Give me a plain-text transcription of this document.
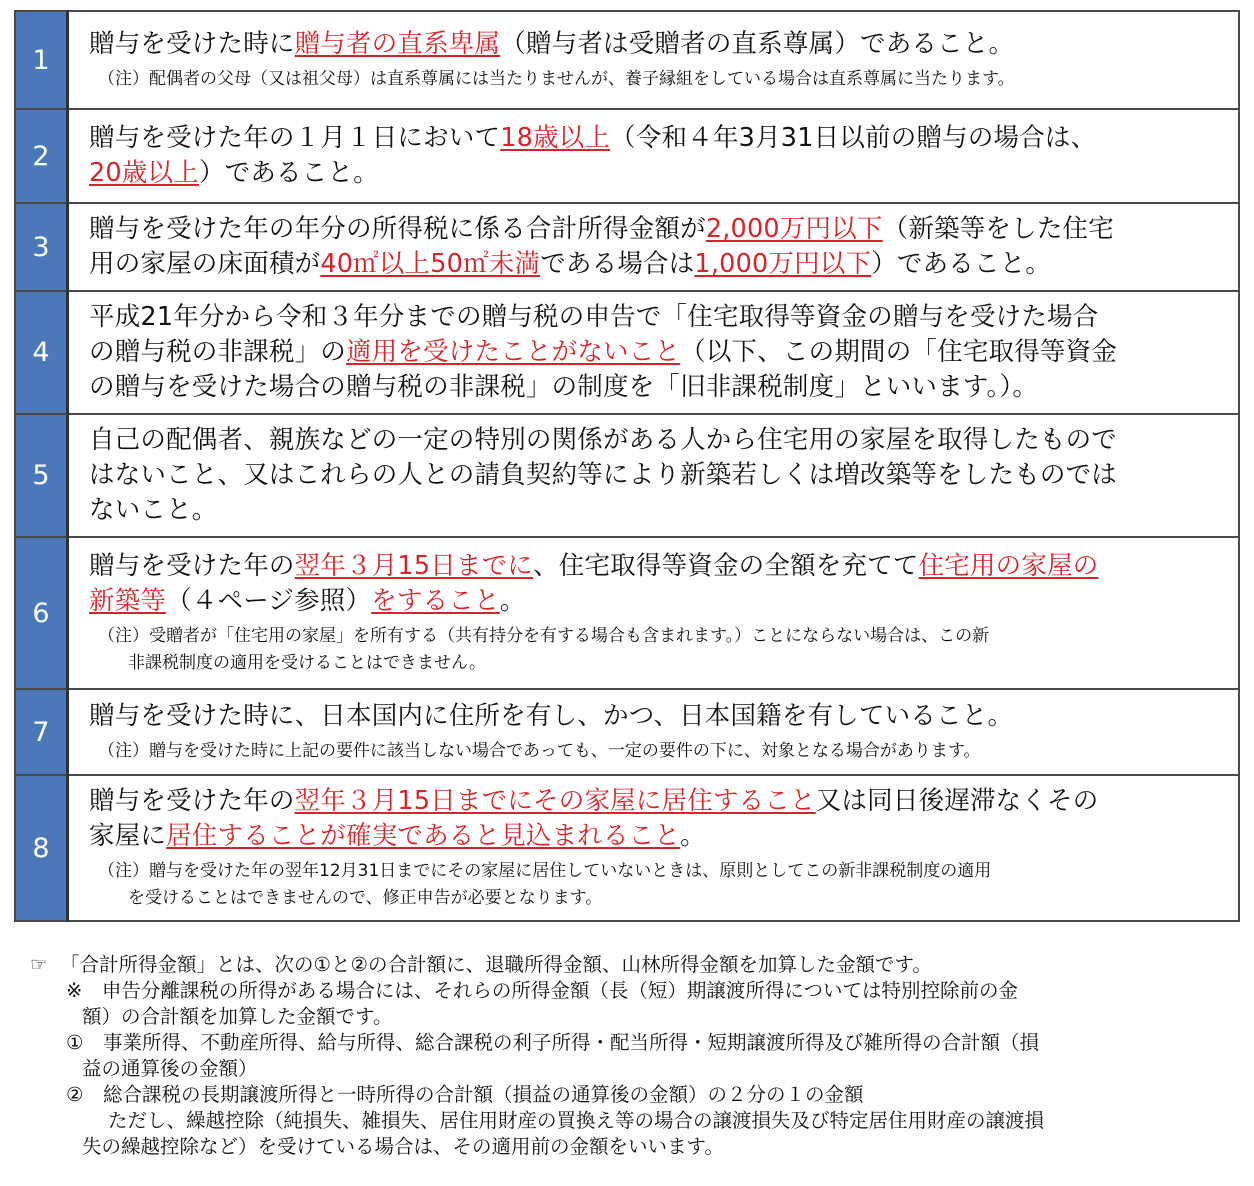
1	贈与を受けた時に贈与者の直系卑属（贈与者は受贈者の直系尊属）であること。
（注）配偶者の父母（又は祖父母）は直系尊属には当たりませんが、養子縁組をしている場合は直系尊属に当たります。

2	贈与を受けた年の１月１日において18歳以上（令和４年3月31日以前の贈与の場合は、
20歳以上）であること。

3	贈与を受けた年の年分の所得税に係る合計所得金額が2,000万円以下（新築等をした住宅
用の家屋の床面積が40㎡以上50㎡未満である場合は1,000万円以下）であること。

4	平成21年分から令和３年分までの贈与税の申告で「住宅取得等資金の贈与を受けた場合
の贈与税の非課税」の適用を受けたことがないこと（以下、この期間の「住宅取得等資金
の贈与を受けた場合の贈与税の非課税」の制度を「旧非課税制度」といいます。）。

5	自己の配偶者、親族などの一定の特別の関係がある人から住宅用の家屋を取得したもので
はないこと、又はこれらの人との請負契約等により新築若しくは増改築等をしたものでは
ないこと。

6	贈与を受けた年の翌年３月15日までに、住宅取得等資金の全額を充てて住宅用の家屋の
新築等（４ページ参照）をすること。
（注）受贈者が「住宅用の家屋」を所有する（共有持分を有する場合も含まれます。）ことにならない場合は、この新
非課税制度の適用を受けることはできません。

7	贈与を受けた時に、日本国内に住所を有し、かつ、日本国籍を有していること。
（注）贈与を受けた時に上記の要件に該当しない場合であっても、一定の要件の下に、対象となる場合があります。

8	贈与を受けた年の翌年３月15日までにその家屋に居住すること又は同日後遅滞なくその
家屋に居住することが確実であると見込まれること。
（注）贈与を受けた年の翌年12月31日までにその家屋に居住していないときは、原則としてこの新非課税制度の適用
を受けることはできませんので、修正申告が必要となります。
☞ 「合計所得金額」とは、次の①と②の合計額に、退職所得金額、山林所得金額を加算した金額です。
※　申告分離課税の所得がある場合には、それらの所得金額（長（短）期譲渡所得については特別控除前の金
額）の合計額を加算した金額です。
①　事業所得、不動産所得、給与所得、総合課税の利子所得・配当所得・短期譲渡所得及び雑所得の合計額（損
益の通算後の金額）
②　総合課税の長期譲渡所得と一時所得の合計額（損益の通算後の金額）の２分の１の金額
ただし、繰越控除（純損失、雑損失、居住用財産の買換え等の場合の譲渡損失及び特定居住用財産の譲渡損
失の繰越控除など）を受けている場合は、その適用前の金額をいいます。
